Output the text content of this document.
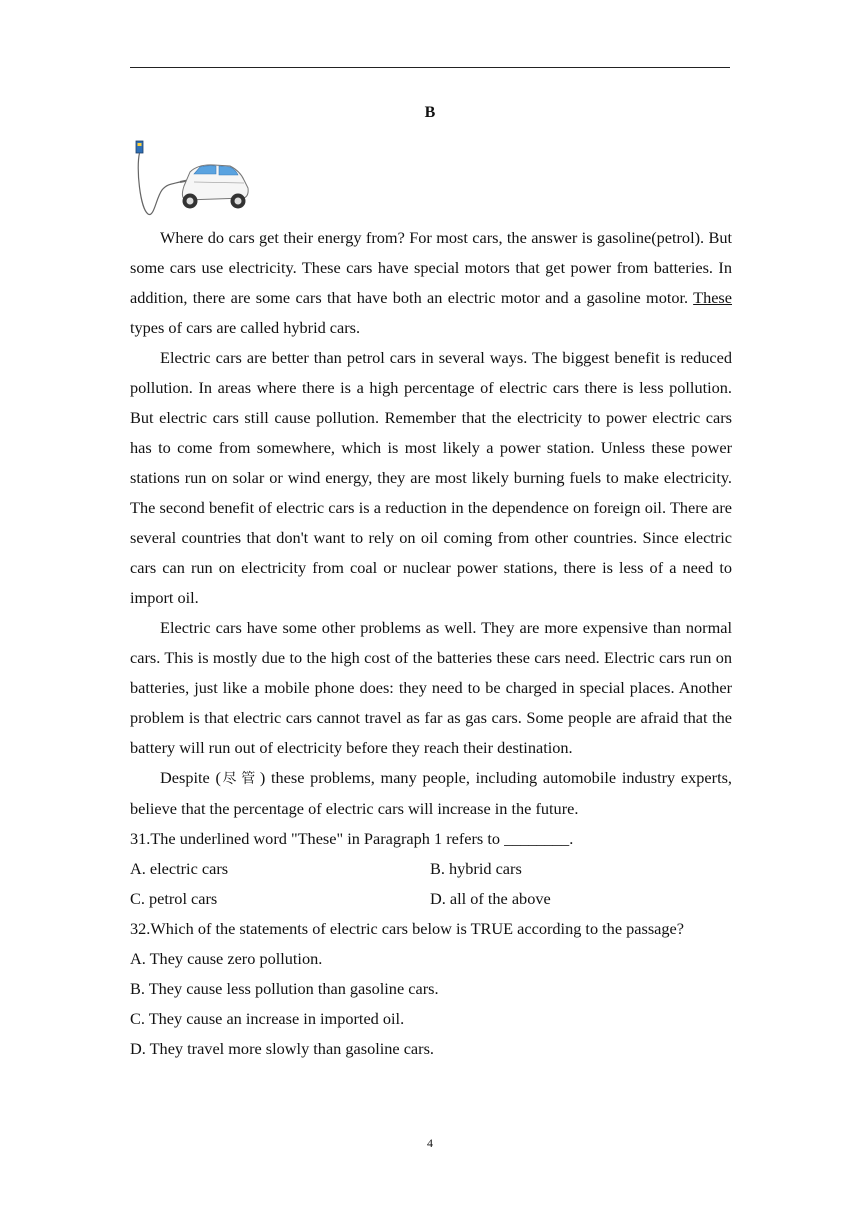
B

Where do cars get their energy from? For most cars, the answer is gasoline(petrol). But some cars use electricity. These cars have special motors that get power from batteries. In addition, there are some cars that have both an electric motor and a gasoline motor. These types of cars are called hybrid cars.

Electric cars are better than petrol cars in several ways. The biggest benefit is reduced pollution. In areas where there is a high percentage of electric cars there is less pollution. But electric cars still cause pollution. Remember that the electricity to power electric cars has to come from somewhere, which is most likely a power station. Unless these power stations run on solar or wind energy, they are most likely burning fuels to make electricity. The second benefit of electric cars is a reduction in the dependence on foreign oil. There are several countries that don't want to rely on oil coming from other countries. Since electric cars can run on electricity from coal or nuclear power stations, there is less of a need to import oil.

Electric cars have some other problems as well. They are more expensive than normal cars. This is mostly due to the high cost of the batteries these cars need. Electric cars run on batteries, just like a mobile phone does: they need to be charged in special places. Another problem is that electric cars cannot travel as far as gas cars. Some people are afraid that the battery will run out of electricity before they reach their destination.

Despite (尽管) these problems, many people, including automobile industry experts, believe that the percentage of electric cars will increase in the future.

31.The underlined word "These" in Paragraph 1 refers to ________.
A. electric cars	B. hybrid cars
C. petrol cars	D. all of the above
32.Which of the statements of electric cars below is TRUE according to the passage?
A. They cause zero pollution.
B. They cause less pollution than gasoline cars.
C. They cause an increase in imported oil.
D. They travel more slowly than gasoline cars.
4
